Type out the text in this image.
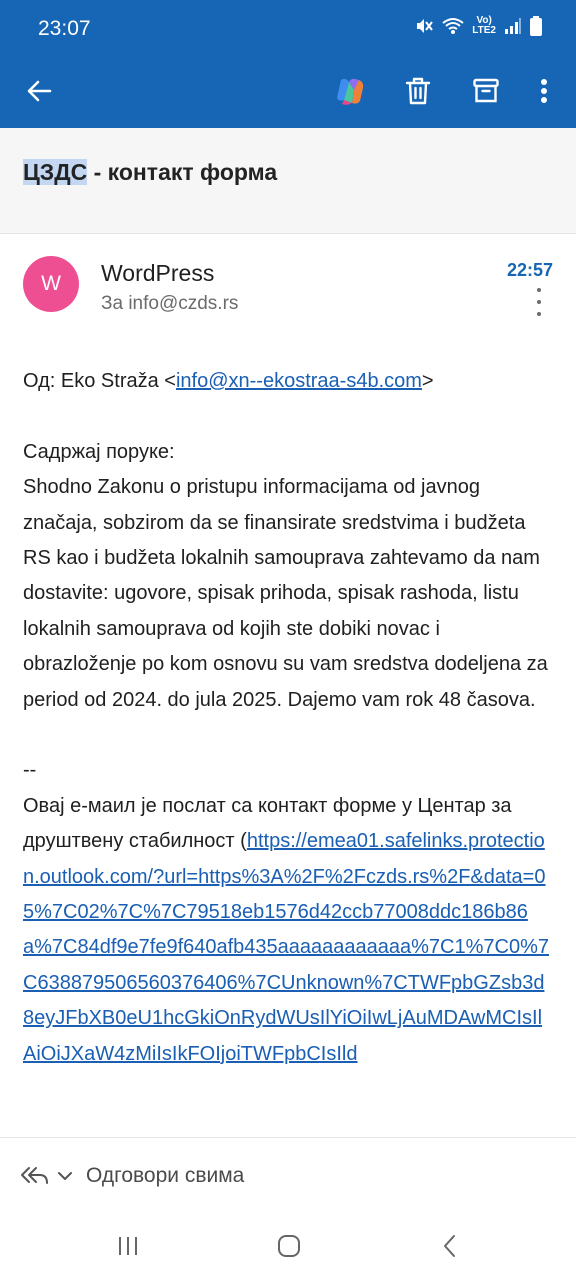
23:07	Vo)
LTE2
ЦЗДС - контакт форма
W	WordPress
За info@czds.rs
22:57

Од: Eko Straža <info@xn--ekostraa-s4b.com>

Садржај поруке:

Shodno Zakonu o pristupu informacijama od javnog značaja, sobzirom da se finansirate sredstvima i budžeta RS kao i budžeta lokalnih samouprava zahtevamo da nam dostavite: ugovore, spisak prihoda, spisak rashoda, listu lokalnih samouprava od kojih ste dobiki novac i obrazloženje po kom osnovu su vam sredstva dodeljena za period od 2024. do jula 2025. Dajemo vam rok 48 časova.

--

Овај е-маил је послат са контакт форме у Центар за друштвену стабилност (https://emea01.safelinks.protection.outlook.com/?url=https%3A%2F%2Fczds.rs%2F&data=05%7C02%7C%7C79518eb1576d42ccb77008ddc186b86a%7C84df9e7fe9f640afb435aaaaaaaaaaaa%7C1%7C0%7C638879506560376406%7CUnknown%7CTWFpbGZsb3d8eyJFbXB0eU1hcGkiOnRydWUsIlYiOiIwLjAuMDAwMCIsIlAiOiJXaW4zMiIsIkFOIjoiTWFpbCIsIld

Одговори свима
